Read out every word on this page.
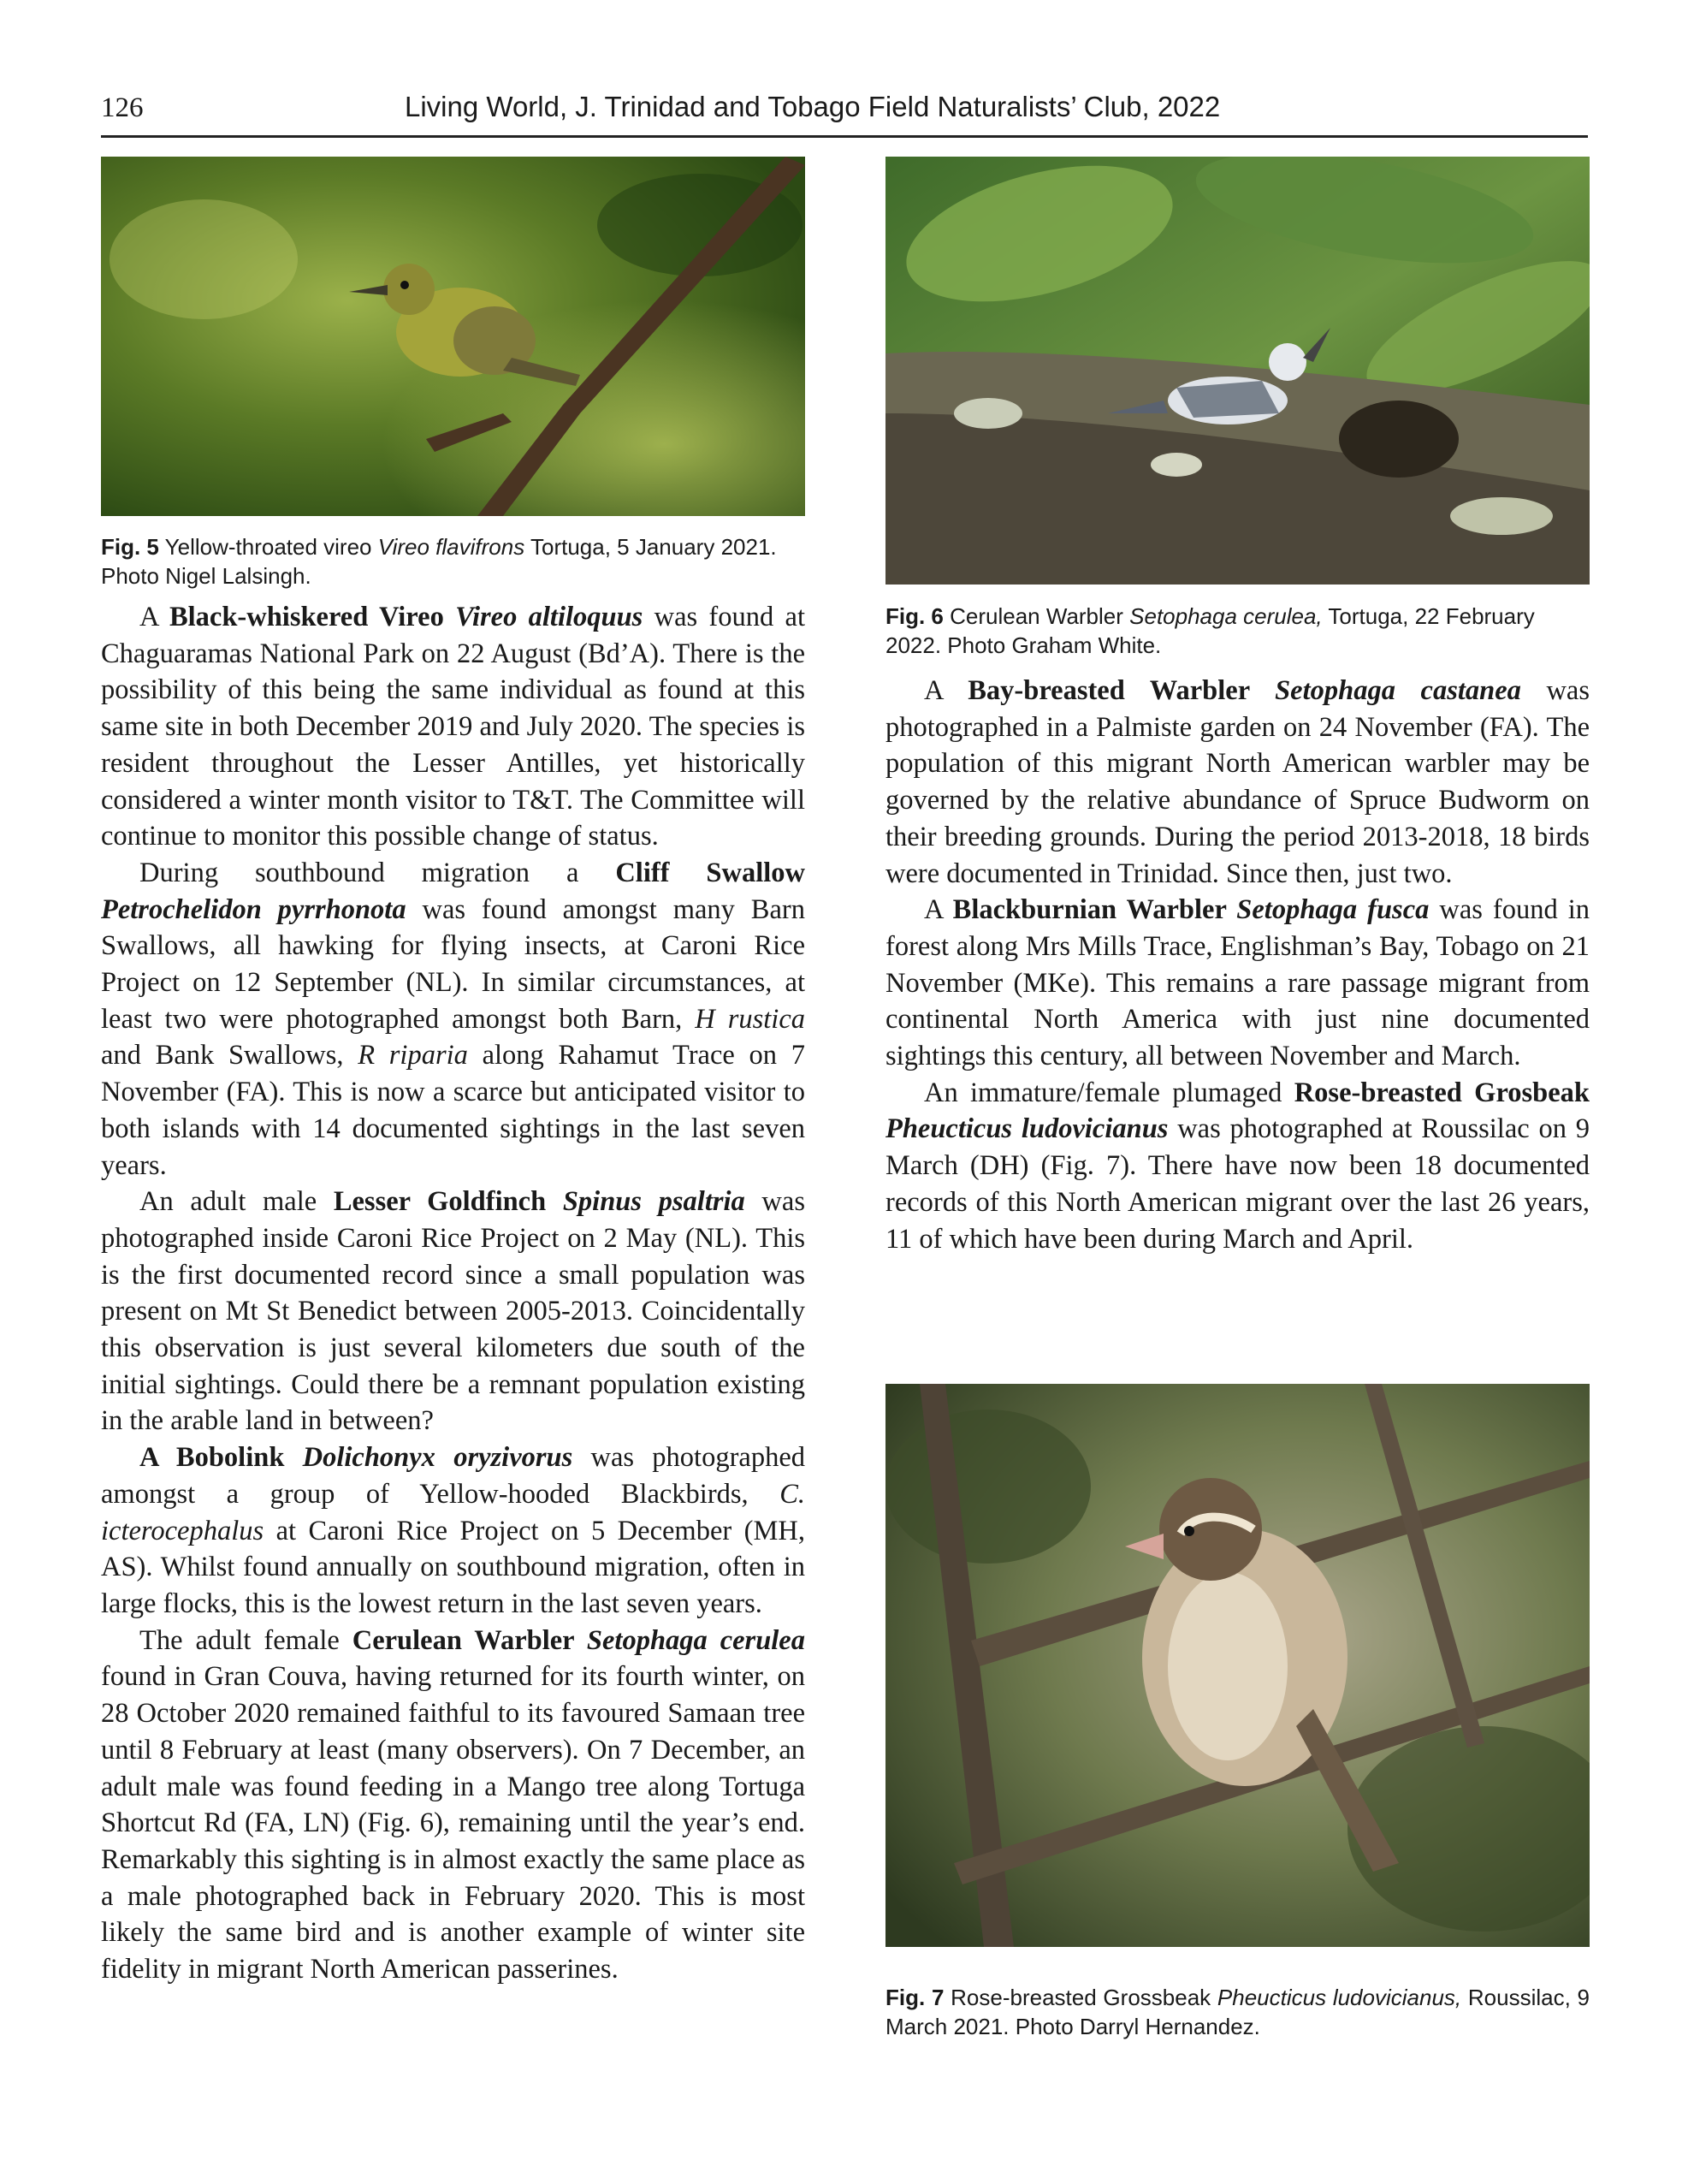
126	Living World, J. Trinidad and Tobago Field Naturalists’ Club, 2022
Fig. 5 Yellow-throated vireo Vireo flavifrons Tortuga, 5 January 2021. Photo Nigel Lalsingh.
Fig. 6 Cerulean Warbler Setophaga cerulea, Tortuga, 22 February 2022. Photo Graham White.

A Black-whiskered Vireo Vireo altiloquus was found at Chaguaramas National Park on 22 August (Bd’A). There is the possibility of this being the same individual as found at this same site in both December 2019 and July 2020. The species is resident throughout the Lesser Antilles, yet historically considered a winter month visitor to T&T. The Committee will continue to monitor this possible change of status.

During southbound migration a Cliff Swallow Petrochelidon pyrrhonota was found amongst many Barn Swallows, all hawking for flying insects, at Caroni Rice Project on 12 September (NL). In similar circumstances, at least two were photographed amongst both Barn, H rustica and Bank Swallows, R riparia along Rahamut Trace on 7 November (FA). This is now a scarce but anticipated visitor to both islands with 14 documented sightings in the last seven years.

An adult male Lesser Goldfinch Spinus psaltria was photographed inside Caroni Rice Project on 2 May (NL). This is the first documented record since a small population was present on Mt St Benedict between 2005-2013. Coincidentally this observation is just several kilometers due south of the initial sightings. Could there be a remnant population existing in the arable land in between?

A Bobolink Dolichonyx oryzivorus was photographed amongst a group of Yellow-hooded Blackbirds, C. icterocephalus at Caroni Rice Project on 5 December (MH, AS). Whilst found annually on southbound migration, often in large flocks, this is the lowest return in the last seven years.

The adult female Cerulean Warbler Setophaga cerulea found in Gran Couva, having returned for its fourth winter, on 28 October 2020 remained faithful to its favoured Samaan tree until 8 February at least (many observers). On 7 December, an adult male was found feeding in a Mango tree along Tortuga Shortcut Rd (FA, LN) (Fig. 6), remaining until the year’s end. Remarkably this sighting is in almost exactly the same place as a male photographed back in February 2020. This is most likely the same bird and is another example of winter site fidelity in migrant North American passerines.

A Bay-breasted Warbler Setophaga castanea was photographed in a Palmiste garden on 24 November (FA). The population of this migrant North American warbler may be governed by the relative abundance of Spruce Budworm on their breeding grounds. During the period 2013-2018, 18 birds were documented in Trinidad. Since then, just two.

A Blackburnian Warbler Setophaga fusca was found in forest along Mrs Mills Trace, Englishman’s Bay, Tobago on 21 November (MKe). This remains a rare passage migrant from continental North America with just nine documented sightings this century, all between November and March.

An immature/female plumaged Rose-breasted Grosbeak Pheucticus ludovicianus was photographed at Roussilac on 9 March (DH) (Fig. 7). There have now been 18 documented records of this North American migrant over the last 26 years, 11 of which have been during March and April.

Fig. 7 Rose-breasted Grossbeak Pheucticus ludovicianus, Roussilac, 9 March 2021. Photo Darryl Hernandez.
